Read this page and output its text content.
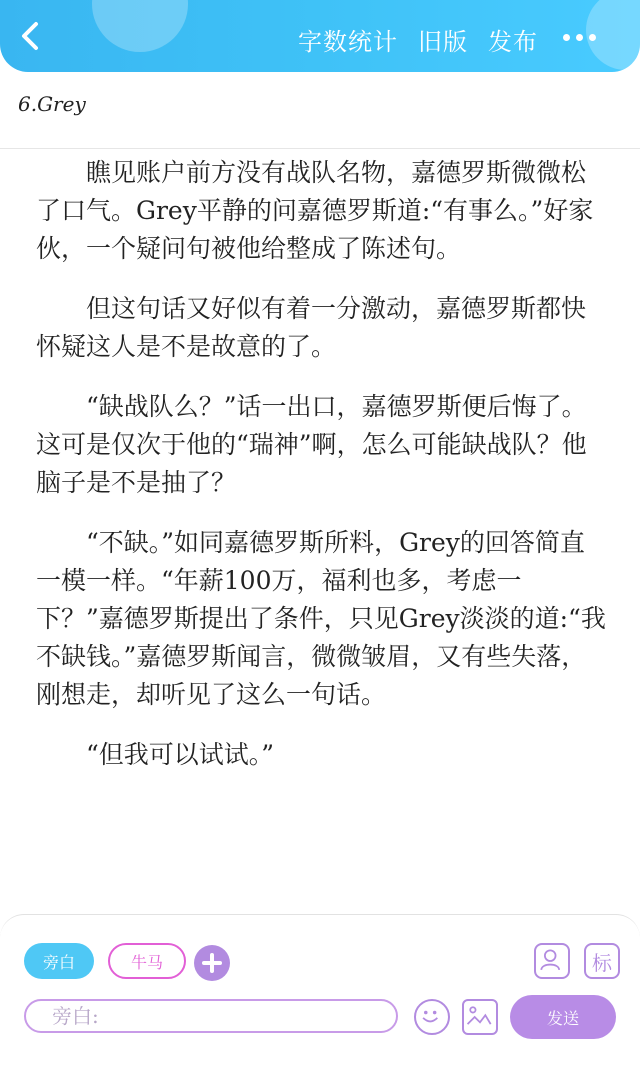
字数统计 旧版 发布
6.Grey

瞧见账户前方没有战队名物，嘉德罗斯微微松了口气。Grey平静的问嘉德罗斯道:“有事么。”好家伙，一个疑问句被他给整成了陈述句。

但这句话又好似有着一分激动，嘉德罗斯都快怀疑这人是不是故意的了。

“缺战队么？”话一出口，嘉德罗斯便后悔了。这可是仅次于他的“瑞神”啊，怎么可能缺战队？他脑子是不是抽了？

“不缺。”如同嘉德罗斯所料，Grey的回答简直一模一样。“年薪100万，福利也多，考虑一下？”嘉德罗斯提出了条件，只见Grey淡淡的道:“我不缺钱。”嘉德罗斯闻言，微微皱眉，又有些失落，刚想走，却听见了这么一句话。

“但我可以试试。”

旁白	牛马	标
旁白:	发送
